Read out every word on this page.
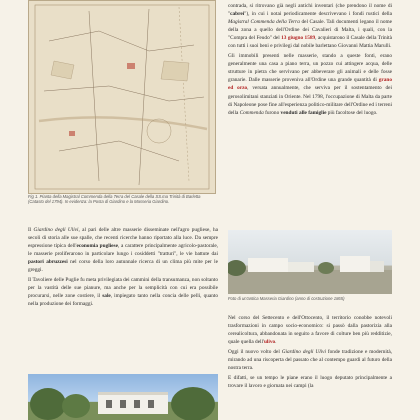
Fig 1. Pianta della Magistral Commenda della Terra del Casale della SS.ma Trinità di Barletta (Catasto del 1794). In evidenza: la Posta di Giardino e la Masseria Giardino.

Il Giardino degli Ulivi, al pari delle altre masserie disseminate nell'agro pugliese, ha secoli di storia alle sue spalle, che recenti ricerche hanno riportato alla luce. Da sempre espressione tipica dell'economia pugliese, a carattere principalmente agricolo-pastorale, le masserie proliferarono in particolare lungo i cosiddetti "tratturi", le vie battute dai pastori abruzzesi nel corso della loro autunnale ricerca di un clima più mite per le greggi.

Il Tavoliere delle Puglie fu meta privilegiata dei cammini della transumanza, non soltanto per la vastità delle sue pianure, ma anche per la semplicità con cui era possibile procurarsi, nelle zone costiere, il sale, impiegato tanto nella concia delle pelli, quanto nella produzione dei formaggi.

contrada, si ritrovano già negli antichi inventari (che prendono il nome di "cabrei"), in cui i notai periodicamente descrivevano i fondi rustici della Magistral Commenda della Terra del Casale. Tali documenti legano il nome della zona a quello dell'Ordine dei Cavalieri di Malta, i quali, con la "Compra del Feudo" del 13 giugno 1589, acquistarono il Casale della Trinità con tutti i suoi beni e privilegi dal nobile barlettano Giovanni Mattia Marulli.

Gli immobili presenti nelle masserie, stando a queste fonti, erano generalmente una casa a piano terra, un pozzo cui attingere acqua, delle strutture in pietra che servivano per abbeverare gli animali e delle fosse granarie. Dalle masserie proveniva all'Ordine una grande quantità di grano ed orzo, versata annualmente, che serviva per il sostentamento dei gerosolimitani stanziati in Oriente. Nel 1798, l'occupazione di Malta da parte di Napoleone pose fine all'esperienza politico-militare dell'Ordine ed i terreni della Commenda furono venduti alle famiglie più facoltose del luogo.

Foto di un'antica Masseria Giardino (anno di costruzione 1865)

Nel corso del Settecento e dell'Ottocento, il territorio conobbe notevoli trasformazioni in campo socio-economico: si passò dalla pastorizia alla cerealicoltura, abbandonata in seguito a favore di colture ben più redditizie, quale quella dell'ulivo.

Oggi il nuovo volto del Giardino degli Ulivi fonde tradizione e modernità, mirando ad una riscoperta del passato che al contempo guardi al futuro della nostra terra.

E difatti, se un tempo le piane erano il luogo deputato principalmente a trovare il lavoro e giornata nei campi (la
